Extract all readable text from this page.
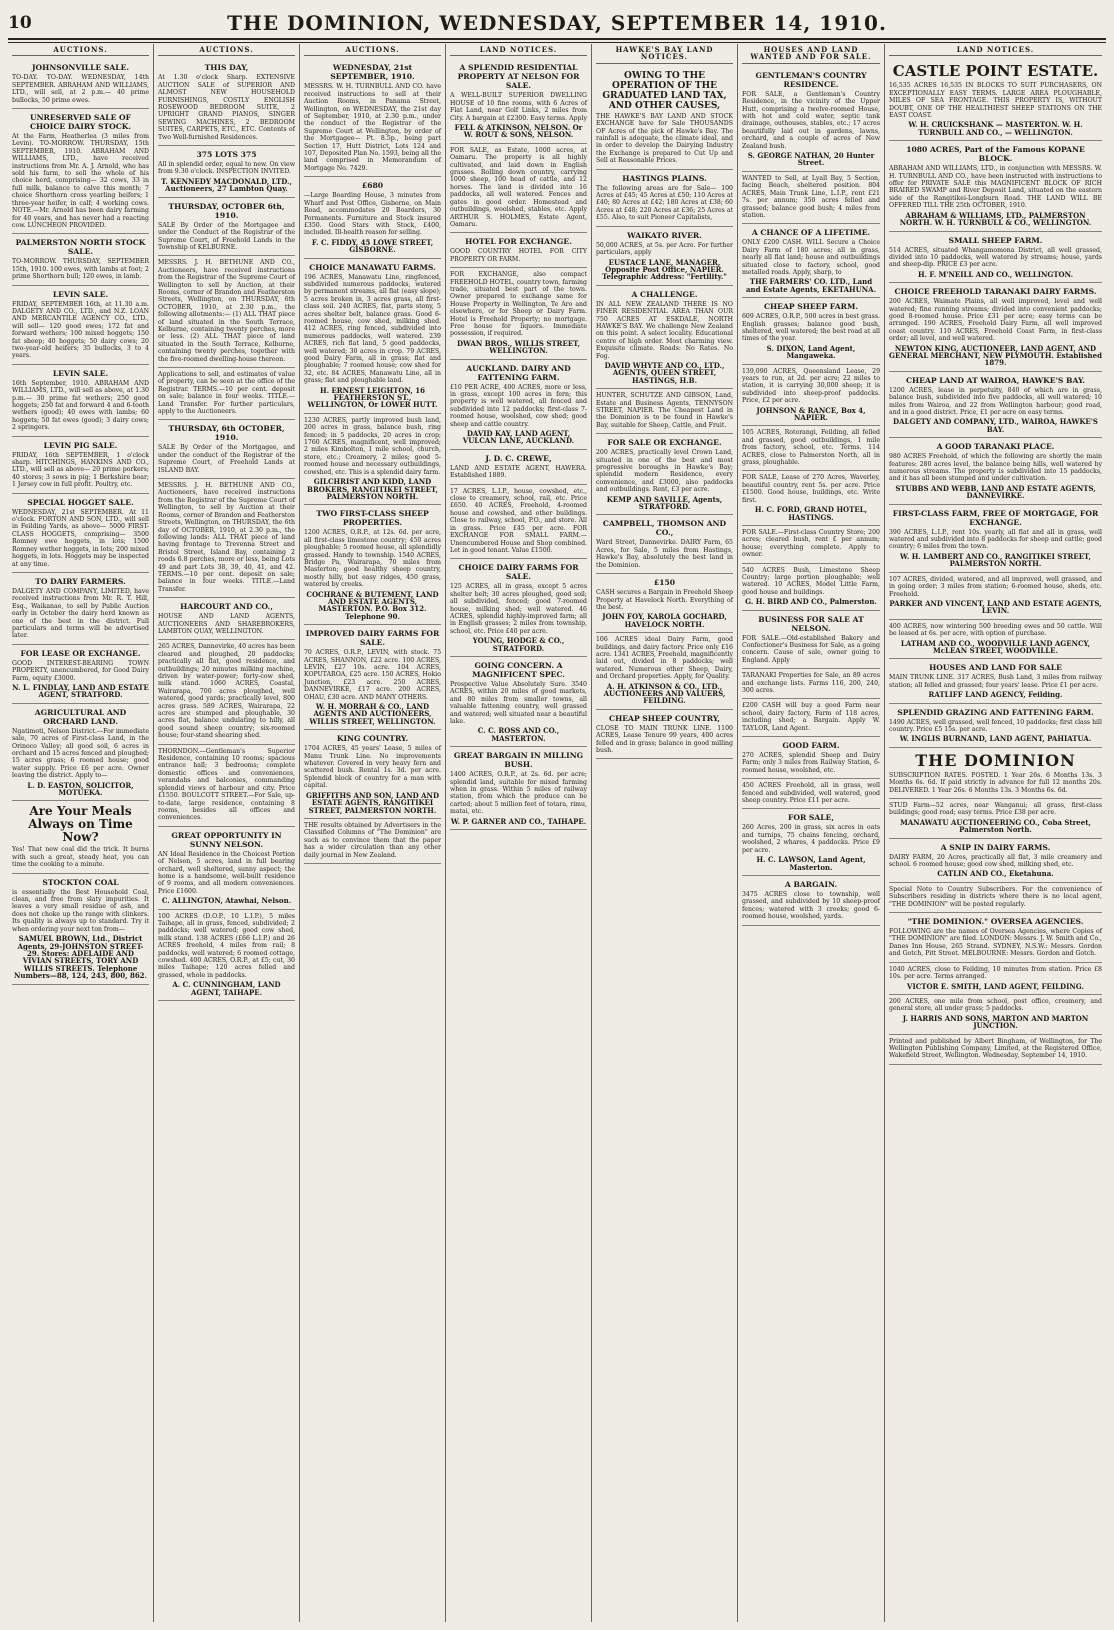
10	THE DOMINION, WEDNESDAY, SEPTEMBER 14, 1910.
AUCTIONS.
JOHNSONVILLE SALE.
TO-DAY. TO-DAY. WEDNESDAY, 14th SEPTEMBER. ABRAHAM AND WILLIAMS, LTD., will sell, at 2 p.m.— 40 prime bullocks, 50 prime ewes.
UNRESERVED SALE OF CHOICE DAIRY STOCK.
At the Farm, Heatherlea (3 miles from Levin). TO-MORROW. THURSDAY, 15th SEPTEMBER, 1910. ABRAHAM AND WILLIAMS, LTD., have received instructions from Mr. A. J. Arnold, who has sold his farm, to sell the whole of his choice herd, comprising— 32 cows, 33 in full milk, balance to calve this month; 7 choice Shorthorn cross yearling heifers; 1 three-year heifer, in calf; 4 working cows. NOTE.—Mr. Arnold has been dairy farming for 40 years, and has never had a reacting cow. LUNCHEON PROVIDED.
PALMERSTON NORTH STOCK SALE.
TO-MORROW. THURSDAY, SEPTEMBER 15th, 1910. 100 ewes, with lambs at foot; 2 prime Shorthorn bull; 120 ewes, in lamb.
LEVIN SALE.
FRIDAY, SEPTEMBER 16th, at 11.30 a.m. DALGETY AND CO., LTD., and N.Z. LOAN AND MERCANTILE AGENCY CO., LTD., will sell— 120 good ewes; 172 fat and forward wethers; 100 mixed hoggets; 150 fat sheep; 40 hoggets; 50 dairy cows; 20 two-year-old heifers; 35 bullocks, 3 to 4 years.
LEVIN SALE.
16th September, 1910. ABRAHAM AND WILLIAMS, LTD., will sell as above, at 1.30 p.m.— 30 prime fat wethers; 250 good hoggets; 250 fat and forward 4 and 6-tooth wethers (good); 40 ewes with lambs; 60 hoggets; 50 fat ewes (good); 3 dairy cows; 2 springers.
LEVIN PIG SALE.
FRIDAY, 16th SEPTEMBER, 1 o'clock sharp. HITCHINGS, HANKINS AND CO., LTD., will sell as above— 20 prime porkers; 40 stores; 3 sows in pig; 1 Berkshire boar; 1 Jersey cow in full profit. Poultry, etc.
SPECIAL HOGGET SALE.
WEDNESDAY, 21st SEPTEMBER. At 11 o'clock. FORTON AND SON, LTD., will sell in Feilding Yards, as above— 5000 FIRST-CLASS HOGGETS, comprising— 3500 Romney ewe hoggets, in lots; 1500 Romney wether hoggets, in lots; 200 mixed hoggets, in lots. Hoggets may be inspected at any time.
TO DAIRY FARMERS.
DALGETY AND COMPANY, LIMITED, have received instructions from Mr. R. T. Hill, Esq., Waikanae, to sell by Public Auction early in October the dairy herd known as one of the best in the district. Full particulars and terms will be advertised later.
FOR LEASE OR EXCHANGE.
GOOD INTEREST-BEARING TOWN PROPERTY, unencumbered, for Good Dairy Farm, equity £3000.
N. L. FINDLAY, LAND AND ESTATE AGENT, STRATFORD.
AGRICULTURAL AND ORCHARD LAND.
Ngatimoti, Nelson District.—For immediate sale, 70 acres of First-class Land, in the Orinoco Valley; all good soil, 6 acres in orchard and 15 acres fenced and ploughed; 15 acres grass; 6 roomed house; good water supply. Price £6 per acre. Owner leaving the district. Apply to—
L. D. EASTON, SOLICITOR, MOTUEKA.
Are Your Meals Always on Time Now?
Yes! That new coal did the trick. It burns with such a great, steady heat, you can time the cooking to a minute.
STOCKTON COAL
is essentially the Best Household Coal, clean, and free from slaty impurities. It leaves a very small residue of ash, and does not choke up the range with clinkers. Its quality is always up to standard. Try it when ordering your next ton from—
SAMUEL BROWN, Ltd., District Agents, 29-JOHNSTON STREET-29. Stores: ADELAIDE AND VIVIAN STREETS, TORY AND WILLIS STREETS. Telephone Numbers—88, 124, 243, 800, 862.
AUCTIONS.
THIS DAY,
At 1.30 o'clock Sharp. EXTENSIVE AUCTION SALE of SUPERIOR AND ALMOST NEW HOUSEHOLD FURNISHINGS, COSTLY ENGLISH ROSEWOOD BEDROOM SUITE, 2 UPRIGHT GRAND PIANOS, SINGER SEWING MACHINES, 2 BEDROOM SUITES, CARPETS, ETC., ETC. Contents of Two Well-furnished Residences.
375 LOTS 375
All in splendid order, equal to new. On view from 9.30 o'clock. INSPECTION INVITED.
T. KENNEDY MACDONALD, LTD., Auctioneers, 27 Lambton Quay.
THURSDAY, OCTOBER 6th, 1910.
SALE By Order of the Mortgagee and under the Conduct of the Registrar of the Supreme Court, of Freehold Lands in the Township of KELBURNE.
MESSRS. J. H. BETHUNE AND CO., Auctioneers, have received instructions from the Registrar of the Supreme Court of Wellington to sell by Auction, at their Rooms, corner of Brandon and Featherston Streets, Wellington, on THURSDAY, 6th OCTOBER, 1910, at 2.30 p.m., the following allotments:— (1) ALL THAT piece of land situated in the South Terrace, Kelburne, containing twenty perches, more or less. (2) ALL THAT piece of land situated in the South Terrace, Kelburne, containing twenty perches, together with the five-roomed dwelling-house thereon.
Applications to sell, and estimates of value of property, can be seen at the office of the Registrar. TERMS.—10 per cent. deposit on sale; balance in four weeks. TITLE.—Land Transfer. For further particulars, apply to the Auctioneers.
THURSDAY, 6th OCTOBER, 1910.
SALE By Order of the Mortgagee, and under the conduct of the Registrar of the Supreme Court, of Freehold Lands at ISLAND BAY.
MESSRS. J. H. BETHUNE AND CO., Auctioneers, have received instructions from the Registrar of the Supreme Court of Wellington, to sell by Auction at their Rooms, corner of Brandon and Featherston Streets, Wellington, on THURSDAY, the 6th day of OCTOBER, 1910, at 2.30 p.m., the following lands: ALL THAT piece of land having frontage to Trevenna Street and Bristol Street, Island Bay, containing 2 roods 6.8 perches, more or less, being Lots 49 and part Lots 38, 39, 40, 41, and 42. TERMS.—10 per cent. deposit on sale; balance in four weeks. TITLE.—Land Transfer.
HARCOURT AND CO.,
HOUSE AND LAND AGENTS, AUCTIONEERS AND SHAREBROKERS, LAMBTON QUAY, WELLINGTON.
265 ACRES, Dannevirke, 40 acres has been cleared and ploughed, 20 paddocks; practically all flat, good residence, and outbuildings; 20 minutes milking machine, driven by water-power; forty-cow shed, milk stand. 1060 ACRES, Coastal, Wairarapa, 700 acres ploughed, well watered, good yards; practically level, 800 acres grass. 589 ACRES, Wairarapa, 22 acres are stumped and ploughable, 30 acres flat, balance undulating to hilly, all good sound sheep country; six-roomed house; four-stand shearing shed.
THORNDON.—Gentleman's Superior Residence, containing 10 rooms; spacious entrance hall; 3 bedrooms; complete domestic offices and conveniences, verandahs and balconies, commanding splendid views of harbour and city. Price £1550. BOULCOTT STREET.—For Sale, up-to-date, large residence, containing 8 rooms, besides all offices and conveniences.
GREAT OPPORTUNITY IN SUNNY NELSON.
AN Ideal Residence in the Choicest Portion of Nelson, 5 acres, land in full bearing orchard, well sheltered, sunny aspect; the home is a handsome, well-built residence of 9 rooms, and all modern conveniences. Price £1600.
C. ALLINGTON, Atawhai, Nelson.
100 ACRES (D.O.P., 10 L.I.P.), 5 miles Taihape, all in grass, fenced, subdivided; 2 paddocks; well watered; good cow shed, milk stand. 138 ACRES (£66 L.I.P.) and 26 ACRES freehold, 4 miles from rail; 8 paddocks, well watered; 6 roomed cottage, cowshed. 400 ACRES, O.R.P., at £5; cut, 30 miles Taihape; 120 acres felled and grassed, whole in paddocks.
A. C. CUNNINGHAM, LAND AGENT, TAIHAPE.
AUCTIONS.
WEDNESDAY, 21st SEPTEMBER, 1910.
MESSRS. W. H. TURNBULL AND CO. have received instructions to sell at their Auction Rooms, in Panama Street, Wellington, on WEDNESDAY, the 21st day of September, 1910, at 2.30 p.m., under the conduct of the Registrar of the Supreme Court at Wellington, by order of the Mortgagee— Pt. 8.5p., being part Section 17, Hutt District, Lots 124 and 107, Deposited Plan No. 1593, being all the land comprised in Memorandum of Mortgage No. 7429.
£680
—Large Boarding House, 3 minutes from Wharf and Post Office, Gisborne, on Main Road, accommodates 20 Boarders, 30 Permanents. Furniture and Stock insured £350. Good Stars with Stock, £400, included. Ill-health reason for selling.
F. C. FIDDY, 45 LOWE STREET, GISBORNE.
CHOICE MANAWATU FARMS.
196 ACRES, Manawatu Line, ringfenced, subdivided numerous paddocks, watered by permanent streams, all flat (easy slope); 5 acres broken in, 3 acres grass, all first-class soil. 240 ACRES, flat, parts stony, 5 acres shelter belt, balance grass. Good 6-roomed house, cow shed, milking shed. 412 ACRES, ring fenced, subdivided into numerous paddocks, well watered. 239 ACRES, rich flat land, 5 good paddocks, well watered; 30 acres in crop. 79 ACRES, good Dairy Farm, all in grass; flat and ploughable; 7 roomed house; cow shed for 32, etc. 84 ACRES, Manawatu Line, all in grass; flat and ploughable land.
H. ERNEST LEIGHTON, 16 FEATHERSTON ST., WELLINGTON, Or LOWER HUTT.
1230 ACRES, partly improved bush land, 200 acres in grass, balance bush, ring fenced; in 5 paddocks, 20 acres in crop; 1760 ACRES, magnificent, well improved; 2 miles Kimbolton, 1 mile school, church, store, etc.; Creamery, 2 miles; good 5-roomed house and necessary outbuildings, cowshed, etc. This is a splendid dairy farm.
GILCHRIST AND KIDD, LAND BROKERS, RANGITIKEI STREET, PALMERSTON NORTH.
TWO FIRST-CLASS SHEEP PROPERTIES.
1200 ACRES, O.R.P., at 12s. 6d. per acre, all first-class limestone country; 450 acres ploughable; 5 roomed house, all splendidly grassed. Handy to township. 1540 ACRES, Bridge Pa, Wairarapa, 70 miles from Masterton; good healthy sheep country, mostly hilly, but easy ridges, 450 grass, watered by creeks.
COCHRANE & BUTEMENT, LAND AND ESTATE AGENTS, MASTERTON. P.O. Box 312. Telephone 90.
IMPROVED DAIRY FARMS FOR SALE.
70 ACRES, O.R.P., LEVIN, with stock. 75 ACRES, SHANNON, £22 acre. 100 ACRES, LEVIN, £27 10s. acre. 104 ACRES, KOPUTAROA, £25 acre. 150 ACRES, Hokio Junction, £23 acre. 250 ACRES, DANNEVIRKE, £17 acre. 200 ACRES, OHAU, £30 acre. AND MANY OTHERS.
W. H. MORRAH & CO., LAND AGENTS AND AUCTIONEERS, WILLIS STREET, WELLINGTON.
KING COUNTRY.
1704 ACRES, 45 years' Lease, 5 miles of Manu Trunk Line. No improvements whatever. Covered in very heavy fern and scattered bush. Rental 1s. 3d. per acre. Splendid block of country for a man with capital.
GRIFFITHS AND SON, LAND AND ESTATE AGENTS, RANGITIKEI STREET, PALMERSTON NORTH.
THE results obtained by Advertisers in the Classified Columns of "The Dominion" are such as to convince them that the paper has a wider circulation than any other daily journal in New Zealand.
LAND NOTICES.
A SPLENDID RESIDENTIAL PROPERTY AT NELSON FOR SALE.
A WELL-BUILT SUPERIOR DWELLING HOUSE of 10 fine rooms, with 6 Acres of Flat Land, near Golf Links, 2 miles from City. A bargain at £2300. Easy terms. Apply
FELL & ATKINSON, NELSON. Or W. ROUT & SONS, NELSON.
FOR SALE, as Estate, 1000 acres, at Oamaru. The property is all highly cultivated, and laid down in English grasses. Rolling down country, carrying 1000 sheep, 100 head of cattle, and 12 horses. The land is divided into 16 paddocks, all well watered. Fences and gates in good order. Homestead and outbuildings, woolshed, stables, etc. Apply ARTHUR S. HOLMES, Estate Agent, Oamaru.
HOTEL FOR EXCHANGE.
GOOD COUNTRY HOTEL FOR CITY PROPERTY OR FARM.
FOR EXCHANGE, also compact FREEHOLD HOTEL, country town, farming trade, situated best part of the town. Owner prepared to exchange same for House Property in Wellington, Te Aro and elsewhere, or for Sheep or Dairy Farm. Hotel is Freehold Property; no mortgage. Free house for liquors. Immediate possession, if required.
DWAN BROS., WILLIS STREET, WELLINGTON.
AUCKLAND. DAIRY AND FATTENING FARM.
£10 PER ACRE, 400 ACRES, more or less, in grass, except 100 acres in fern; this property is well watered, all fenced and subdivided into 12 paddocks; first-class 7-roomed house, woolshed, cow shed; good sheep and cattle country.
DAVID KAY, LAND AGENT, VULCAN LANE, AUCKLAND.
J. D. C. CREWE,
LAND AND ESTATE AGENT, HAWERA. Established 1889.
17 ACRES, L.I.P., house, cowshed, etc., close to creamery, school, rail, etc. Price £650. 40 ACRES, Freehold, 4-roomed house and cowshed, and other buildings. Close to railway, school, P.O., and store. All in grass. Price £45 per acre. FOR EXCHANGE FOR SMALL FARM.—Unencumbered House and Shop combined. Let in good tenant. Value £1500.
CHOICE DAIRY FARMS FOR SALE.
125 ACRES, all in grass, except 5 acres shelter belt; 30 acres ploughed, good soil; all subdivided, fenced; good 7-roomed house, milking shed; well watered. 46 ACRES, splendid highly-improved farm; all in English grasses; 2 miles from township, school, etc. Price £40 per acre.
YOUNG, HODGE & CO., STRATFORD.
GOING CONCERN. A MAGNIFICENT SPEC.
Prospective Value Absolutely Sure. 3540 ACRES, within 20 miles of good markets, and 80 miles from smaller towns, all valuable fattening country, well grassed and watered; well situated near a beautiful lake.
C. C. ROSS AND CO., MASTERTON.
GREAT BARGAIN IN MILLING BUSH.
1400 ACRES, O.R.P., at 2s. 6d. per acre; splendid land, suitable for mixed farming when in grass. Within 5 miles of railway station, from which the produce can be carted; about 5 million feet of totara, rimu, matai, etc.
W. P. GARNER AND CO., TAIHAPE.
HAWKE'S BAY LAND NOTICES.
OWING TO THE OPERATION OF THE GRADUATED LAND TAX, AND OTHER CAUSES,
THE HAWKE'S BAY LAND AND STOCK EXCHANGE have for Sale THOUSANDS OF Acres of the pick of Hawke's Bay. The rainfall is adequate, the climate ideal, and in order to develop the Dairying Industry the Exchange is prepared to Cut Up and Sell at Reasonable Prices.
HASTINGS PLAINS.
The following areas are for Sale— 100 Acres at £45; 45 Acres at £50; 110 Acres at £40; 80 Acres at £42; 180 Acres at £38; 60 Acres at £48; 220 Acres at £36; 25 Acres at £55. Also, to suit Pioneer Capitalists,
WAIKATO RIVER.
50,000 ACRES, at 5s. per Acre. For further particulars, apply
EUSTACE LANE, MANAGER, Opposite Post Office, NAPIER. Telegraphic Address: "Fertility."
A CHALLENGE.
IN ALL NEW ZEALAND THERE IS NO FINER RESIDENTIAL AREA THAN OUR 750 ACRES AT ESKDALE, NORTH HAWKE'S BAY. We challenge New Zealand on this point. A select locality. Educational centre of high order. Most charming view. Exquisite climate. Roads: No Rates. No Fog.
DAVID WHYTE AND CO., LTD., AGENTS, QUEEN STREET, HASTINGS, H.B.
HUNTER, SCHUTZE AND GIBSON, Land, Estate and Business Agents, TENNYSON STREET, NAPIER. The Cheapest Land in the Dominion is to be found in Hawke's Bay, suitable for Sheep, Cattle, and Fruit.
FOR SALE OR EXCHANGE.
200 ACRES, practically level Crown Land, situated in one of the best and most progressive boroughs in Hawke's Bay; splendid modern Residence, every convenience, and £3000, also paddocks and outbuildings. Rent, £3 per acre.
KEMP AND SAVILLE, Agents, STRATFORD.
CAMPBELL, THOMSON AND CO.,
Ward Street, Dannevirke. DAIRY Farm, 65 Acres, for Sale, 5 miles from Hastings, Hawke's Bay, absolutely the best land in the Dominion.
£150
CASH secures a Bargain in Freehold Sheep Property at Havelock North. Everything of the best.
JOHN FOY, KAROLA GOCHARD, HAVELOCK NORTH.
106 ACRES ideal Dairy Farm, good buildings, and dairy factory. Price only £16 acre. 1341 ACRES, Freehold, magnificently laid out, divided in 8 paddocks; well watered. Numerous other Sheep, Dairy, and Orchard properties. Apply, for Quality.
A. H. ATKINSON & CO., LTD., AUCTIONEERS AND VALUERS, FEILDING.
CHEAP SHEEP COUNTRY,
CLOSE TO MAIN TRUNK LINE. 1100 ACRES, Lease Tenure 99 years, 400 acres felled and in grass; balance in good milling bush.
HOUSES AND LAND WANTED AND FOR SALE.
GENTLEMAN'S COUNTRY RESIDENCE.
FOR SALE, a Gentleman's Country Residence, in the vicinity of the Upper Hutt, comprising a twelve-roomed House, with hot and cold water, septic tank drainage, outhouses, stables, etc.; 17 acres beautifully laid out in gardens, lawns, orchard, and a couple of acres of New Zealand bush.
S. GEORGE NATHAN, 20 Hunter Street.
WANTED to Sell, at Lyall Bay, 5 Section, facing Beach, sheltered position. 804 ACRES, Main Trunk Line, L.I.P., rent £21 7s. per annum; 350 acres felled and grassed; balance good bush; 4 miles from station.
A CHANCE OF A LIFETIME.
ONLY £200 CASH. WILL Secure a Choice Dairy Farm of 180 acres; all in grass, nearly all flat land; house and outbuildings situated close to factory, school, good metalled roads. Apply, sharp, to
THE FARMERS' CO. LTD., Land and Estate Agents, EKETAHUNA.
CHEAP SHEEP FARM.
609 ACRES, O.R.P., 500 acres in best grass. English grasses; balance good bush, sheltered, well watered; the best road at all times of the year.
S. DIXON, Land Agent, Mangaweka.
139,090 ACRES, Queensland Lease, 29 years to run, at 2d. per acre; 22 miles to station, it is carrying 30,000 sheep; it is subdivided into sheep-proof paddocks. Price, £2 per acre.
JOHNSON & RANCE, Box 4, NAPIER.
105 ACRES, Rotorangi, Feilding, all felled and grassed, good outbuildings, 1 mile from factory, school, etc. Terms. 114 ACRES, close to Palmerston North, all in grass, ploughable.
FOR SALE, Lease of 270 Acres, Waverley, beautiful country, rent 5s. per acre. Price £1500. Good house, buildings, etc. Write first.
H. C. FORD, GRAND HOTEL, HASTINGS.
FOR SALE.—First-class Country Store; 200 acres; cleared bush, rent £ per annum; house; everything complete. Apply to owner.
540 ACRES Bush, Limestone Sheep Country; large portion ploughable; well watered. 10 ACRES, Model Little Farm, good house and buildings.
G. H. BIRD AND CO., Palmerston.
BUSINESS FOR SALE AT NELSON.
FOR SALE.—Old-established Bakery and Confectioner's Business for Sale, as a going concern. Cause of sale, owner going to England. Apply
TARANAKI Properties for Sale, an 89 acres and exchange lists. Farms 116, 200, 240, 300 acres.
£200 CASH will buy a good Farm near school, dairy factory, Farm of 118 acres, including shed; a Bargain. Apply W. TAYLOR, Land Agent.
GOOD FARM.
270 ACRES, splendid Sheep and Dairy Farm; only 3 miles from Railway Station, 6-roomed house, woolshed, etc.
450 ACRES Freehold, all in grass, well fenced and subdivided, well watered, good sheep country. Price £11 per acre.
FOR SALE,
260 Acres, 200 in grass, six acres in oats and turnips, 75 chains fencing, orchard, woolshed, 2 whares, 4 paddocks. Price £9 per acre.
H. C. LAWSON, Land Agent, Masterton.
A BARGAIN.
3475 ACRES close to township, well grassed, and subdivided by 10 sheep-proof fences; watered with 3 creeks; good 6-roomed house, woolshed, yards.
LAND NOTICES.
CASTLE POINT ESTATE.
16,535 ACRES 16,535 IN BLOCKS TO SUIT PURCHASERS, ON EXCEPTIONALLY EASY TERMS. LARGE AREA PLOUGHABLE, MILES OF SEA FRONTAGE. THIS PROPERTY IS, WITHOUT DOUBT, ONE OF THE HEALTHIEST SHEEP STATIONS ON THE EAST COAST.
W. H. CRUICKSHANK — MASTERTON. W. H. TURNBULL AND CO., — WELLINGTON.
1080 ACRES, Part of the Famous KOPANE BLOCK.
ABRAHAM AND WILLIAMS, LTD., in conjunction with MESSRS. W. H. TURNBULL AND CO., have been instructed with instructions to offer for PRIVATE SALE this MAGNIFICENT BLOCK OF RICH BRAIRED SWAMP and River Deposit Land, situated on the eastern side of the Rangitikei-Longburn Road. THE LAND WILL BE OFFERED TILL THE 25th OCTOBER, 1910.
ABRAHAM & WILLIAMS, LTD., PALMERSTON NORTH. W. H. TURNBULL & CO., WELLINGTON.
SMALL SHEEP FARM.
514 ACRES, situated Whangamomona District, all well grassed, divided into 10 paddocks, well watered by streams; house, yards and sheep-dip. PRICE £3 per acre.
H. F. M'NEILL AND CO., WELLINGTON.
CHOICE FREEHOLD TARANAKI DAIRY FARMS.
200 ACRES, Waimate Plains, all well improved, level and well watered; fine running streams; divided into convenient paddocks; good 8-roomed house. Price £31 per acre; easy terms can be arranged. 190 ACRES, Freehold Dairy Farm, all well improved coast country. 110 ACRES, Freehold Coast Farm, in first-class order; all level, and well watered.
NEWTON KING, AUCTIONEER, LAND AGENT, AND GENERAL MERCHANT, NEW PLYMOUTH. Established 1879.
CHEAP LAND AT WAIROA, HAWKE'S BAY.
1200 ACRES, lease in perpetuity, 840 of which are in grass, balance bush, subdivided into five paddocks, all well watered; 10 miles from Wairoa, and 22 from Wellington harbour; good road, and in a good district. Price, £1 per acre on easy terms.
DALGETY AND COMPANY, LTD., WAIROA, HAWKE'S BAY.
A GOOD TARANAKI PLACE.
980 ACRES Freehold, of which the following are shortly the main features: 280 acres level, the balance being hills, well watered by numerous streams. The property is subdivided into 15 paddocks, and it has all been stumped and under cultivation.
STUBBS AND WEBB, LAND AND ESTATE AGENTS, DANNEVIRKE.
FIRST-CLASS FARM, FREE OF MORTGAGE, FOR EXCHANGE.
390 ACRES, L.I.P., rent 10s. yearly, all flat and all in grass, well watered and subdivided into 8 paddocks for sheep and cattle; good country; 6 miles from the town.
W. H. LAMBERT AND CO., RANGITIKEI STREET, PALMERSTON NORTH.
107 ACRES, divided, watered, and all improved, well grassed, and in going order; 3 miles from station; 6-roomed house, sheds, etc. Freehold.
PARKER AND VINCENT, LAND AND ESTATE AGENTS, LEVIN.
400 ACRES, now wintering 500 breeding ewes and 50 cattle. Will be leased at 6s. per acre, with option of purchase.
LATHAM AND CO., WOODVILLE LAND AGENCY, McLEAN STREET, WOODVILLE.
HOUSES AND LAND FOR SALE
MAIN TRUNK LINE. 317 ACRES, Bush Land, 3 miles from railway station; all felled and grassed; four years' lease. Price £1 per acre.
RATLIFF LAND AGENCY, Feilding.
SPLENDID GRAZING AND FATTENING FARM.
1490 ACRES, well grassed, well fenced, 10 paddocks; first class hill country. Price £5 15s. per acre.
W. INGLIS BURNAND, LAND AGENT, PAHIATUA.
THE DOMINION
SUBSCRIPTION RATES. POSTED. 1 Year 26s. 6 Months 13s. 3 Months 6s. 6d. If paid strictly in advance for full 12 months 20s. DELIVERED. 1 Year 26s. 6 Months 13s. 3 Months 6s. 6d.
STUD Farm—52 acres, near Wanganui; all grass, first-class buildings; good road; easy terms. Price £38 per acre.
MANAWATU AUCTIONEERING CO., Coba Street, Palmerston North.
A SNIP IN DAIRY FARMS.
DAIRY FARM, 20 Acres, practically all flat, 3 mile creamery and school. 6 roomed house; good cow shed, milking shed, etc.
CATLIN AND CO., Eketahuna.
Special Note to Country Subscribers. For the convenience of Subscribers residing in districts where there is no local agent, "THE DOMINION" will be posted regularly.
"THE DOMINION." OVERSEA AGENCIES.
FOLLOWING are the names of Oversea Agencies, where Copies of "THE DOMINION" are filed. LONDON: Messrs. J. W. Smith and Co., Danes Inn House, 265 Strand. SYDNEY, N.S.W.: Messrs. Gordon and Gotch, Pitt Street. MELBOURNE: Messrs. Gordon and Gotch.
1040 ACRES, close to Feilding, 10 minutes from station. Price £8 10s. per acre. Terms arranged.
VICTOR E. SMITH, LAND AGENT, FEILDING.
200 ACRES, one mile from school, post office, creamery, and general store, all under grass; 5 paddocks.
J. HARRIS AND SONS, MARTON AND MARTON JUNCTION.
Printed and published by Albert Bingham, of Wellington, for The Wellington Publishing Company, Limited, at the Registered Office, Wakefield Street, Wellington. Wednesday, September 14, 1910.
